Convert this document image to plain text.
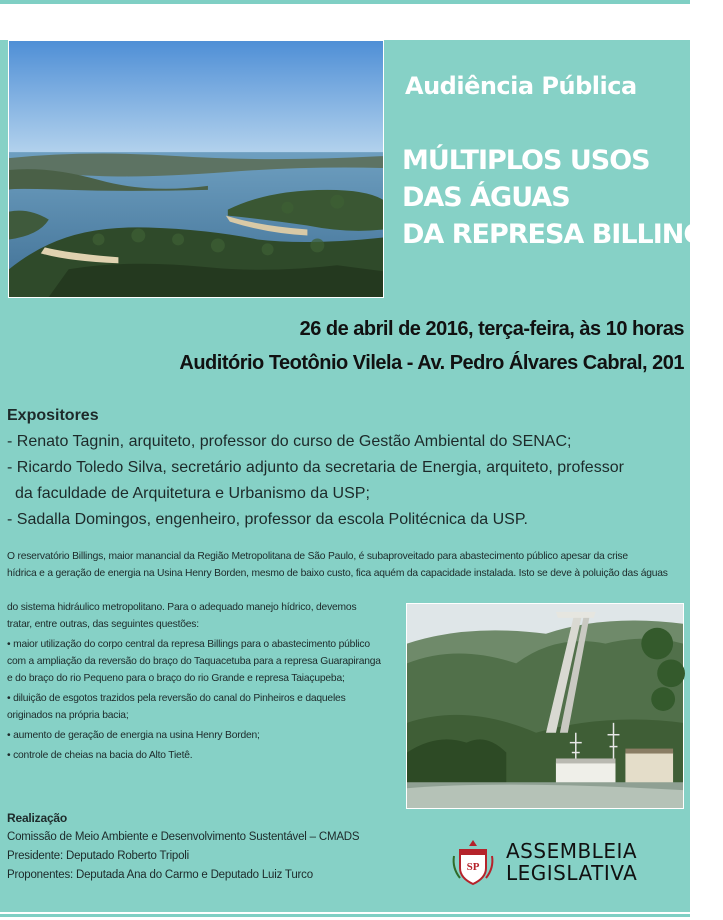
Audiência Pública
MÚLTIPLOS USOS
DAS ÁGUAS
DA REPRESA BILLINGS
26 de abril de 2016, terça-feira, às 10 horas
Auditório Teotônio Vilela - Av. Pedro Álvares Cabral, 201
Expositores
- Renato Tagnin, arquiteto, professor do curso de Gestão Ambiental do SENAC;
- Ricardo Toledo Silva, secretário adjunto da secretaria de Energia, arquiteto, professor
da faculdade de Arquitetura e Urbanismo da USP;
- Sadalla Domingos, engenheiro, professor da escola Politécnica da USP.
O reservatório Billings, maior manancial da Região Metropolitana de São Paulo, é subaproveitado para abastecimento público apesar da crise
hídrica e a geração de energia na Usina Henry Borden, mesmo de baixo custo, fica aquém da capacidade instalada. Isto se deve à poluição das águas
do sistema hidráulico metropolitano. Para o adequado manejo hídrico, devemos
tratar, entre outras, das seguintes questões:
• maior utilização do corpo central da represa Billings para o abastecimento público
com a ampliação da reversão do braço do Taquacetuba para a represa Guarapiranga
e do braço do rio Pequeno para o braço do rio Grande e represa Taiaçupeba;
• diluição de esgotos trazidos pela reversão do canal do Pinheiros e daqueles
originados na própria bacia;
• aumento de geração de energia na usina Henry Borden;
• controle de cheias na bacia do Alto Tietê.
Realização
Comissão de Meio Ambiente e Desenvolvimento Sustentável – CMADS
Presidente: Deputado Roberto Tripoli
Proponentes: Deputada Ana do Carmo e Deputado Luiz Turco
SP
ASSEMBLEIA
LEGISLATIVA
